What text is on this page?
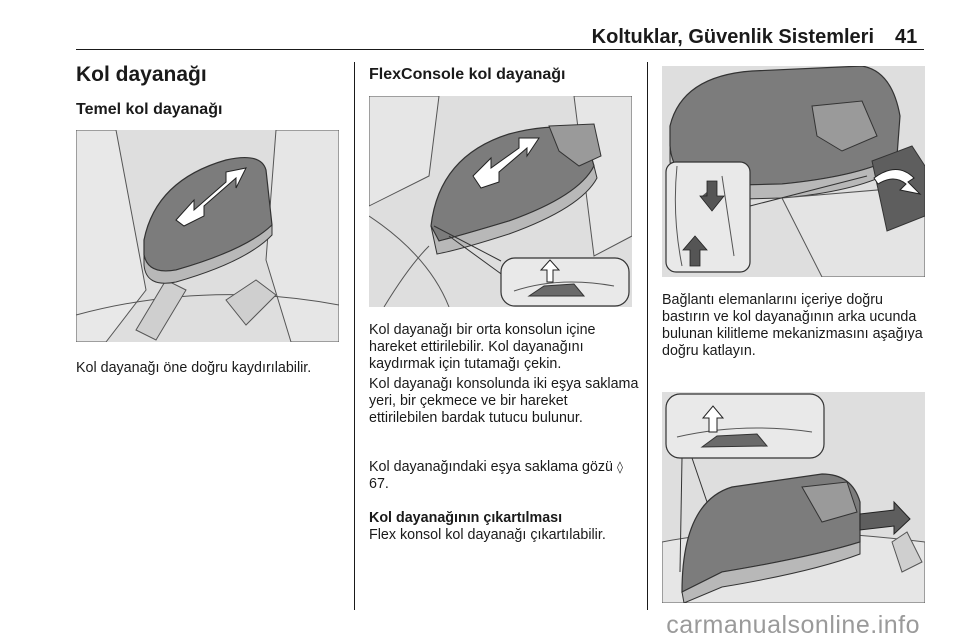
Koltuklar, Güvenlik Sistemleri 41
Kol dayanağı
Temel kol dayanağı

Kol dayanağı öne doğru kaydırılabilir.

FlexConsole kol dayanağı

Kol dayanağı bir orta konsolun içine hareket ettirilebilir. Kol dayanağını kaydırmak için tutamağı çekin.

Kol dayanağı konsolunda iki eşya saklama yeri, bir çekmece ve bir hareket ettirilebilen bardak tutucu bulunur.

Kol dayanağındaki eşya saklama gözü ◊ 67.

Kol dayanağının çıkartılması
Flex konsol kol dayanağı çıkartılabilir.

Bağlantı elemanlarını içeriye doğru bastırın ve kol dayanağının arka ucunda bulunan kilitleme mekanizmasını aşağıya doğru katlayın.

carmanualsonline.info
